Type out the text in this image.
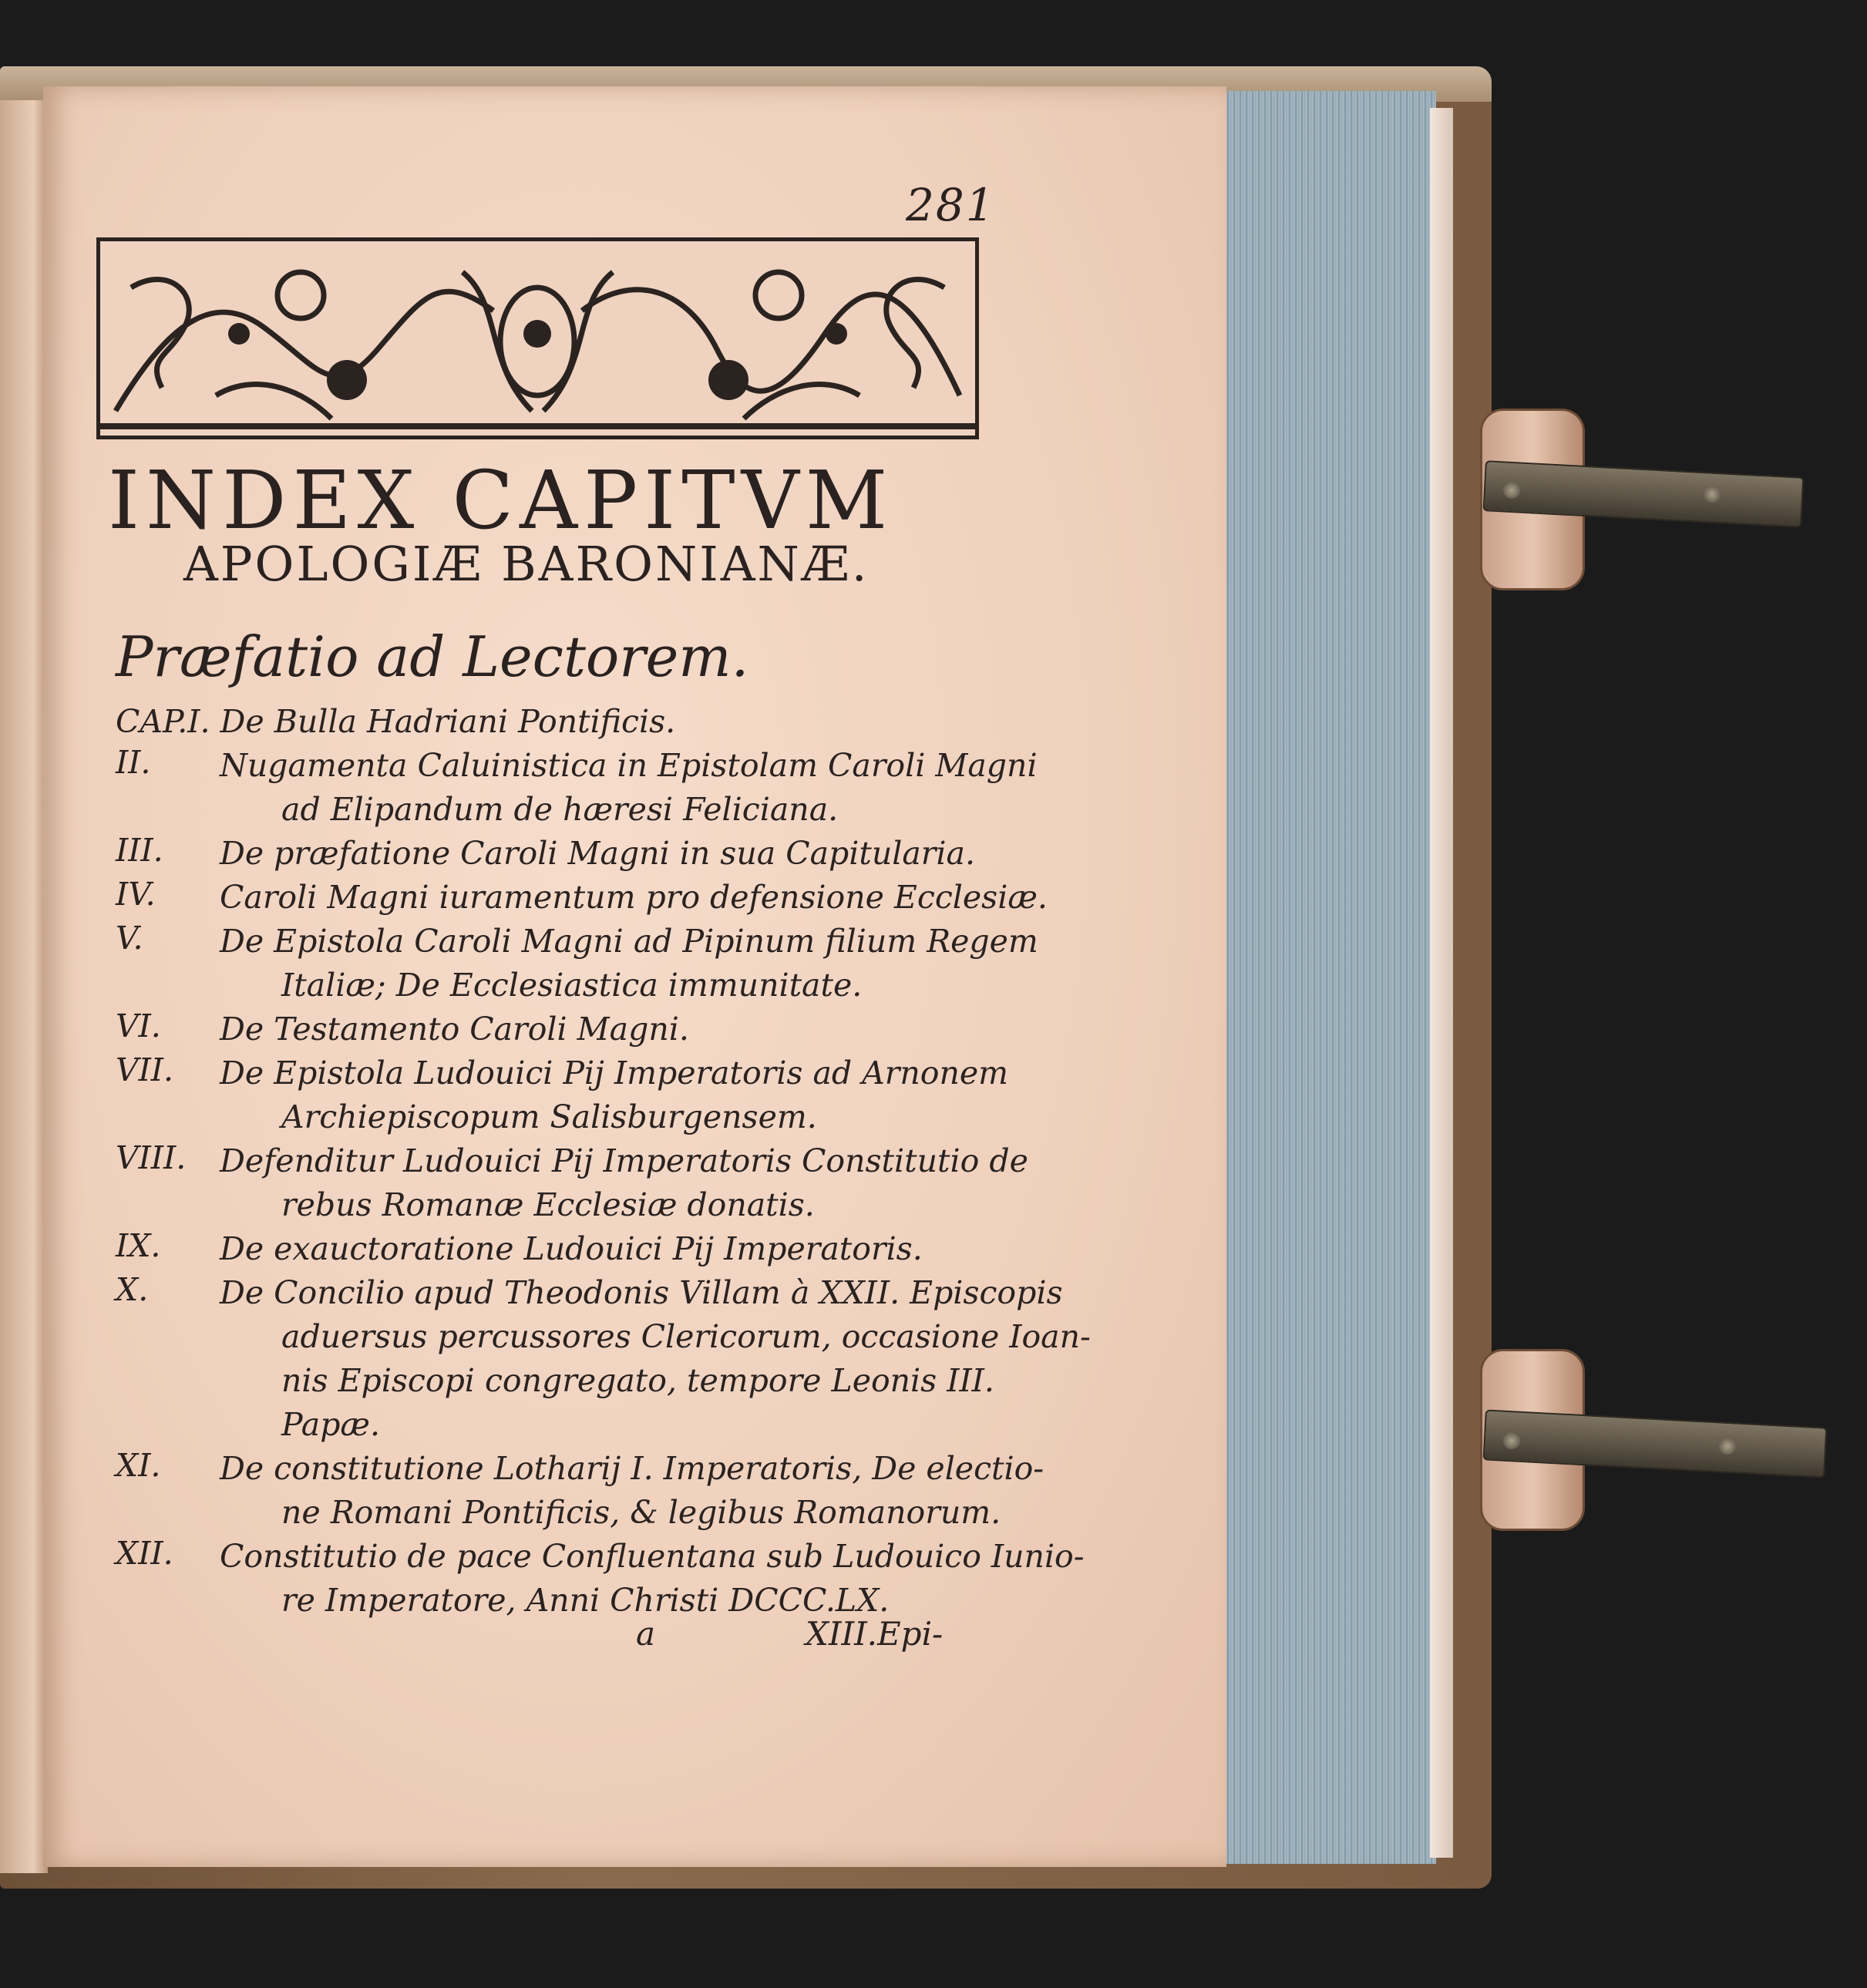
281
INDEX CAPITVM
APOLOGIÆ BARONIANÆ.
Præfatio ad Lectorem.
CAP.I. De Bulla Hadriani Pontificis.
II.	Nugamenta Caluinistica in Epistolam Caroli Magni
ad Elipandum de hæresi Feliciana.
III.	De præfatione Caroli Magni in sua Capitularia.
IV.	Caroli Magni iuramentum pro defensione Ecclesiæ.
V.	De Epistola Caroli Magni ad Pipinum filium Regem
Italiæ; De Ecclesiastica immunitate.
VI.	De Testamento Caroli Magni.
VII.	De Epistola Ludouici Pij Imperatoris ad Arnonem
Archiepiscopum Salisburgensem.
VIII.	Defenditur Ludouici Pij Imperatoris Constitutio de
rebus Romanæ Ecclesiæ donatis.
IX.	De exauctoratione Ludouici Pij Imperatoris.
X.	De Concilio apud Theodonis Villam à XXII. Episcopis
aduersus percussores Clericorum, occasione Ioan-
nis Episcopi congregato, tempore Leonis III.
Papæ.
XI.	De constitutione Lotharij I. Imperatoris, De electio-
ne Romani Pontificis, & legibus Romanorum.
XII.	Constitutio de pace Confluentana sub Ludouico Iunio-
re Imperatore, Anni Christi DCCC.LX.
a	XIII.Epi-
